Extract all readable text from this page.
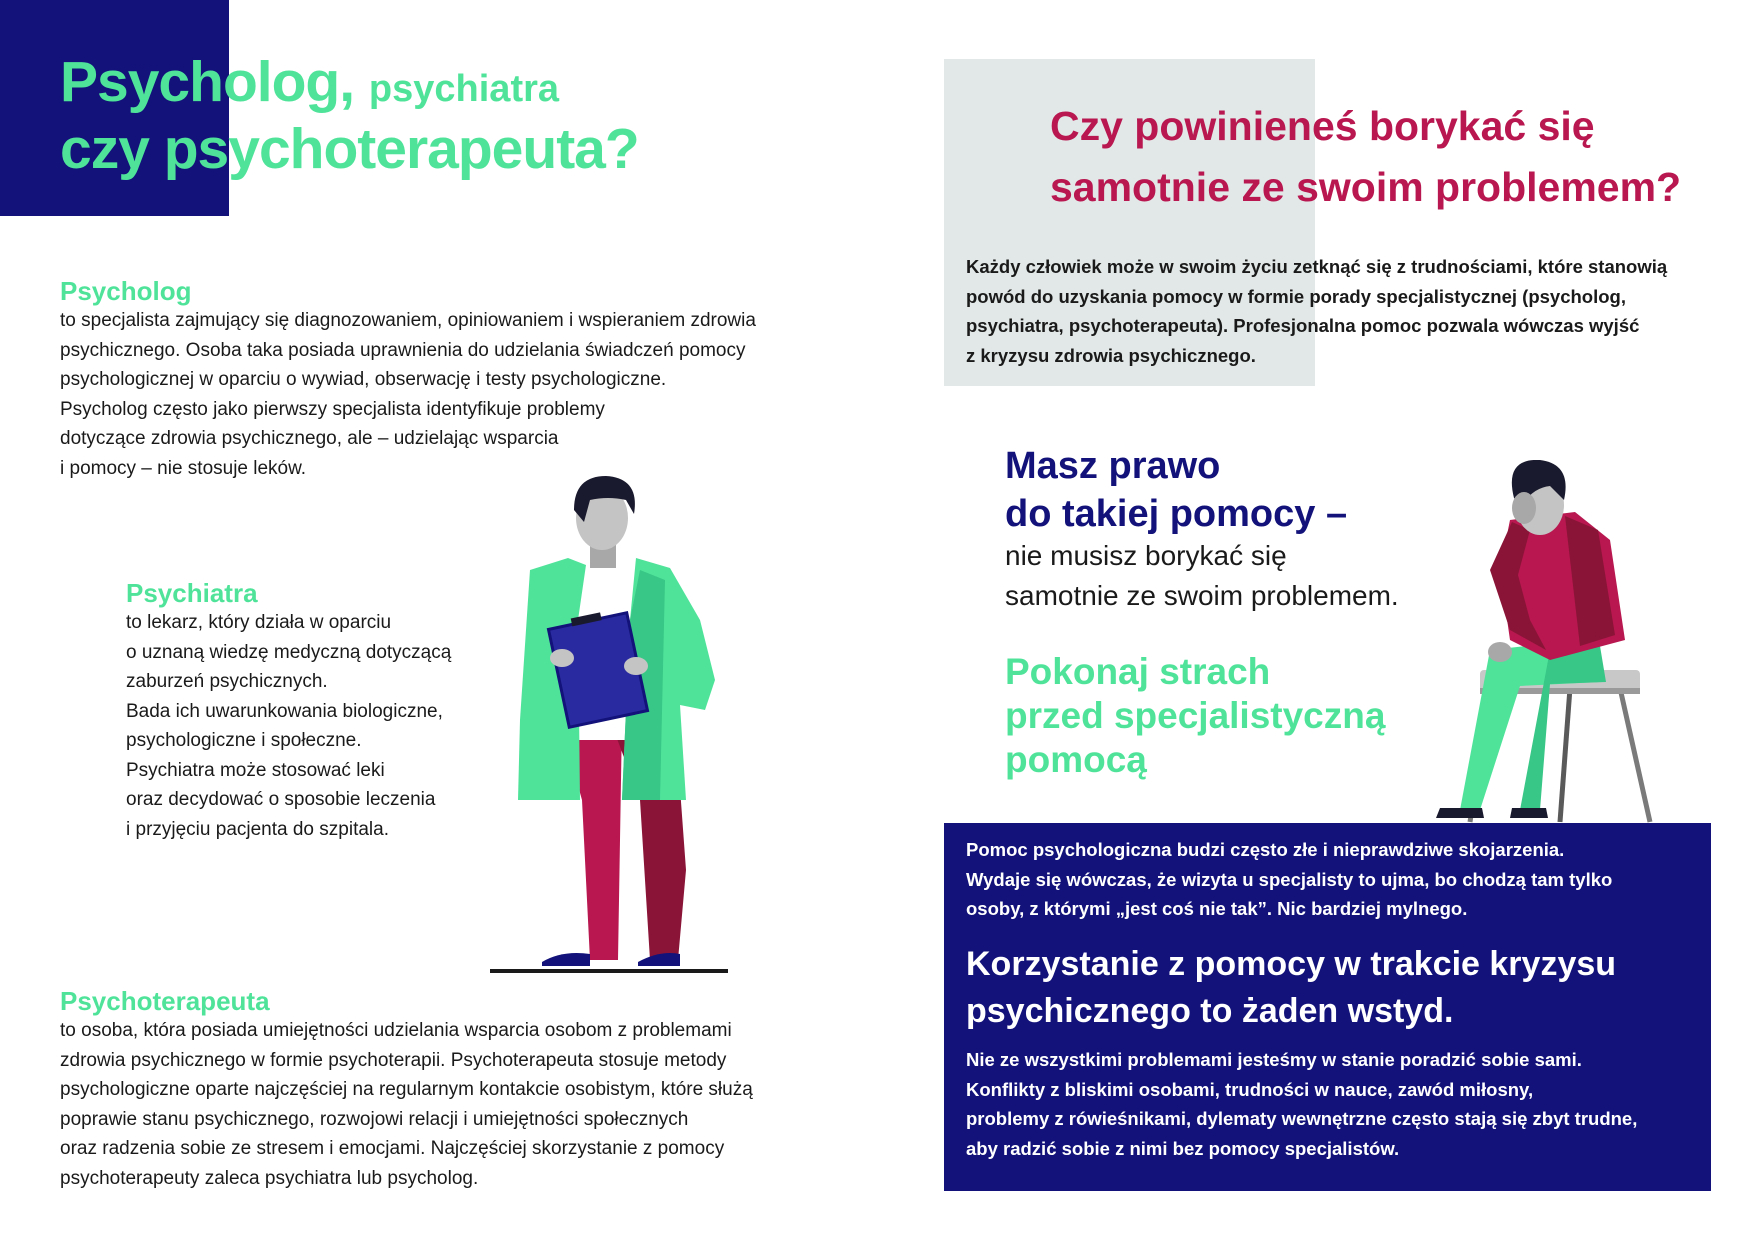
Psycholog, psychiatra
czy psychoterapeuta?
Psycholog

to specjalista zajmujący się diagnozowaniem, opiniowaniem i wspieraniem zdrowia
psychicznego. Osoba taka posiada uprawnienia do udzielania świadczeń pomocy
psychologicznej w oparciu o wywiad, obserwację i testy psychologiczne.
Psycholog często jako pierwszy specjalista identyfikuje problemy
dotyczące zdrowia psychicznego, ale – udzielając wsparcia
i pomocy – nie stosuje leków.

Psychiatra

to lekarz, który działa w oparciu
o uznaną wiedzę medyczną dotyczącą
zaburzeń psychicznych.
Bada ich uwarunkowania biologiczne,
psychologiczne i społeczne.
Psychiatra może stosować leki
oraz decydować o sposobie leczenia
i przyjęciu pacjenta do szpitala.

Psychoterapeuta

to osoba, która posiada umiejętności udzielania wsparcia osobom z problemami
zdrowia psychicznego w formie psychoterapii. Psychoterapeuta stosuje metody
psychologiczne oparte najczęściej na regularnym kontakcie osobistym, które służą
poprawie stanu psychicznego, rozwojowi relacji i umiejętności społecznych
oraz radzenia sobie ze stresem i emocjami. Najczęściej skorzystanie z pomocy
psychoterapeuty zaleca psychiatra lub psycholog.

Czy powinieneś borykać się
samotnie ze swoim problemem?

Każdy człowiek może w swoim życiu zetknąć się z trudnościami, które stanowią
powód do uzyskania pomocy w formie porady specjalistycznej (psycholog,
psychiatra, psychoterapeuta). Profesjonalna pomoc pozwala wówczas wyjść
z kryzysu zdrowia psychicznego.

Masz prawo
do takiej pomocy –

nie musisz borykać się
samotnie ze swoim problemem.

Pokonaj strach
przed specjalistyczną
pomocą

Pomoc psychologiczna budzi często złe i nieprawdziwe skojarzenia.
Wydaje się wówczas, że wizyta u specjalisty to ujma, bo chodzą tam tylko
osoby, z którymi „jest coś nie tak”. Nic bardziej mylnego.

Korzystanie z pomocy w trakcie kryzysu
psychicznego to żaden wstyd.

Nie ze wszystkimi problemami jesteśmy w stanie poradzić sobie sami.
Konflikty z bliskimi osobami, trudności w nauce, zawód miłosny,
problemy z rówieśnikami, dylematy wewnętrzne często stają się zbyt trudne,
aby radzić sobie z nimi bez pomocy specjalistów.
